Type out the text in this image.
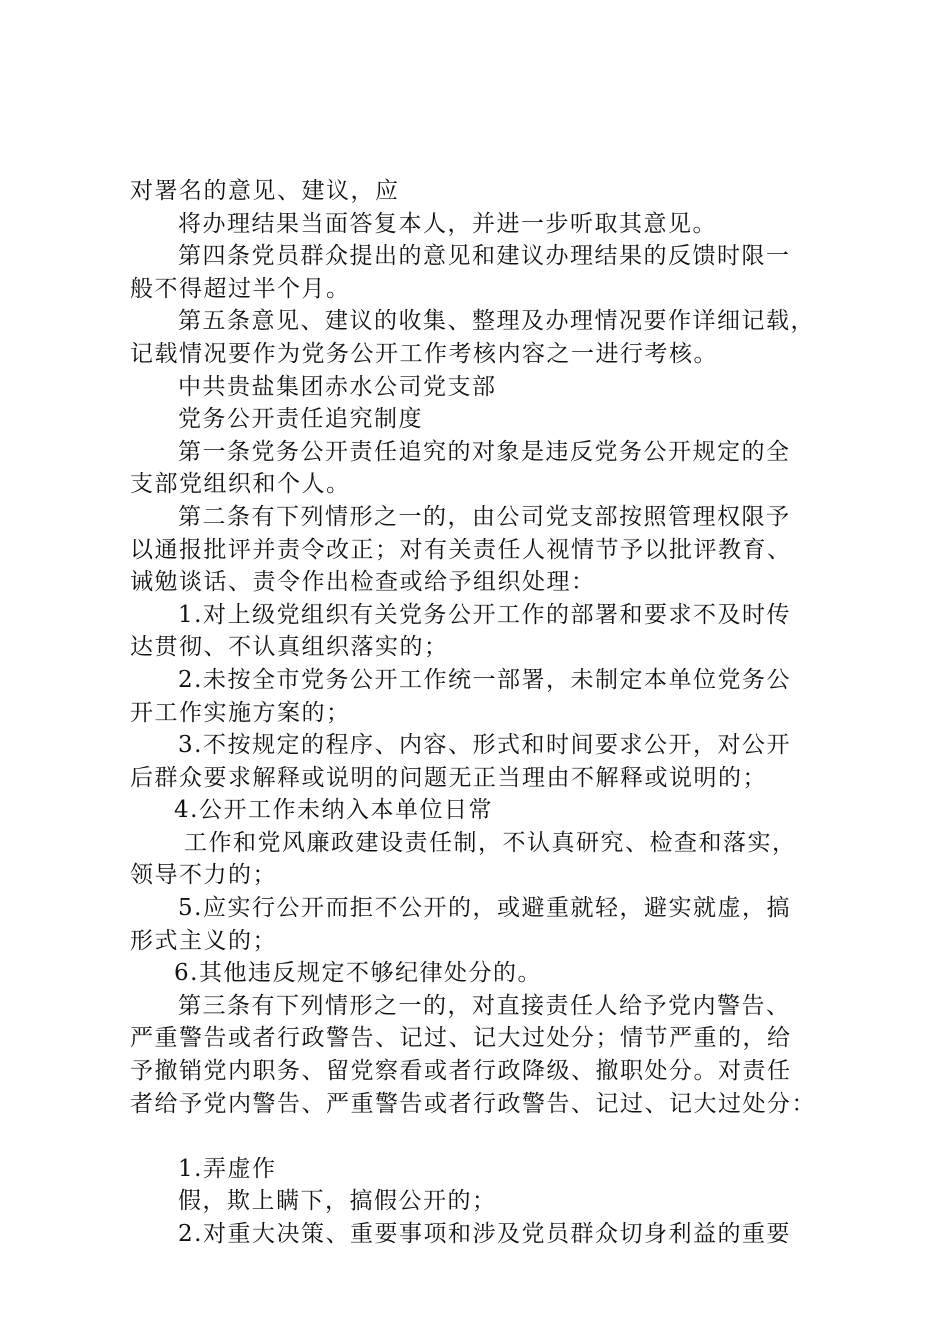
对署名的意见、建议，应

将办理结果当面答复本人，并进一步听取其意见。

第四条党员群众提出的意见和建议办理结果的反馈时限一

般不得超过半个月。

第五条意见、建议的收集、整理及办理情况要作详细记载，

记载情况要作为党务公开工作考核内容之一进行考核。

中共贵盐集团赤水公司党支部

党务公开责任追究制度

第一条党务公开责任追究的对象是违反党务公开规定的全

支部党组织和个人。

第二条有下列情形之一的，由公司党支部按照管理权限予

以通报批评并责令改正；对有关责任人视情节予以批评教育、

诫勉谈话、责令作出检查或给予组织处理：

1.对上级党组织有关党务公开工作的部署和要求不及时传

达贯彻、不认真组织落实的；

2.未按全市党务公开工作统一部署，未制定本单位党务公

开工作实施方案的；

3.不按规定的程序、内容、形式和时间要求公开，对公开

后群众要求解释或说明的问题无正当理由不解释或说明的；

4.公开工作未纳入本单位日常

工作和党风廉政建设责任制，不认真研究、检查和落实，

领导不力的；

5.应实行公开而拒不公开的，或避重就轻，避实就虚，搞

形式主义的；

6.其他违反规定不够纪律处分的。

第三条有下列情形之一的，对直接责任人给予党内警告、

严重警告或者行政警告、记过、记大过处分；情节严重的，给

予撤销党内职务、留党察看或者行政降级、撤职处分。对责任

者给予党内警告、严重警告或者行政警告、记过、记大过处分：

1.弄虚作

假，欺上瞒下，搞假公开的；

2.对重大决策、重要事项和涉及党员群众切身利益的重要
